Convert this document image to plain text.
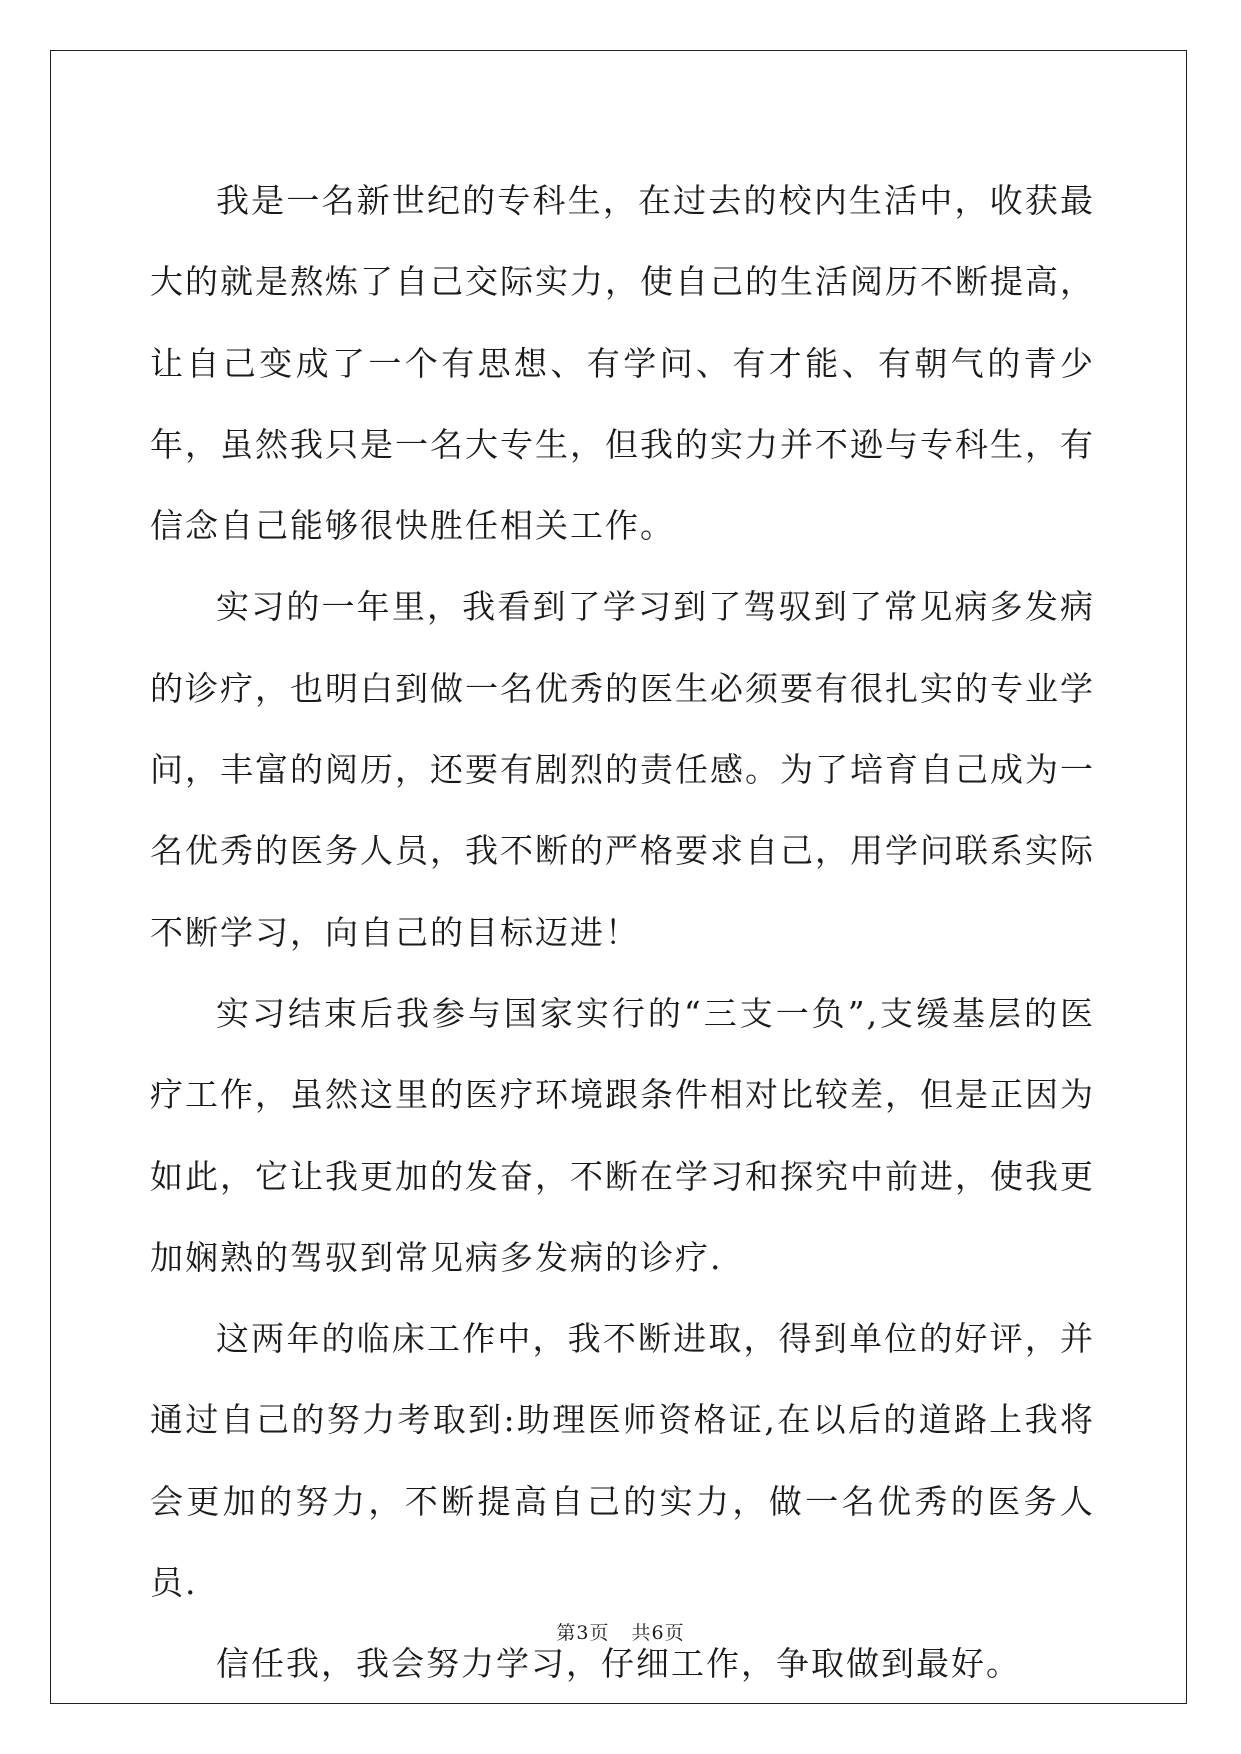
我是一名新世纪的专科生，在过去的校内生活中，收获最大的就是熬炼了自己交际实力，使自己的生活阅历不断提高，让自己变成了一个有思想、有学问、有才能、有朝气的青少年，虽然我只是一名大专生，但我的实力并不逊与专科生，有信念自己能够很快胜任相关工作。

实习的一年里，我看到了学习到了驾驭到了常见病多发病的诊疗，也明白到做一名优秀的医生必须要有很扎实的专业学问，丰富的阅历，还要有剧烈的责任感。为了培育自己成为一名优秀的医务人员，我不断的严格要求自己，用学问联系实际不断学习，向自己的目标迈进！

实习结束后我参与国家实行的“三支一负”,支缓基层的医疗工作，虽然这里的医疗环境跟条件相对比较差，但是正因为如此，它让我更加的发奋，不断在学习和探究中前进，使我更加娴熟的驾驭到常见病多发病的诊疗.

这两年的临床工作中，我不断进取，得到单位的好评，并通过自己的努力考取到:助理医师资格证,在以后的道路上我将会更加的努力，不断提高自己的实力，做一名优秀的医务人员.

信任我，我会努力学习，仔细工作，争取做到最好。

第3页 共6页
